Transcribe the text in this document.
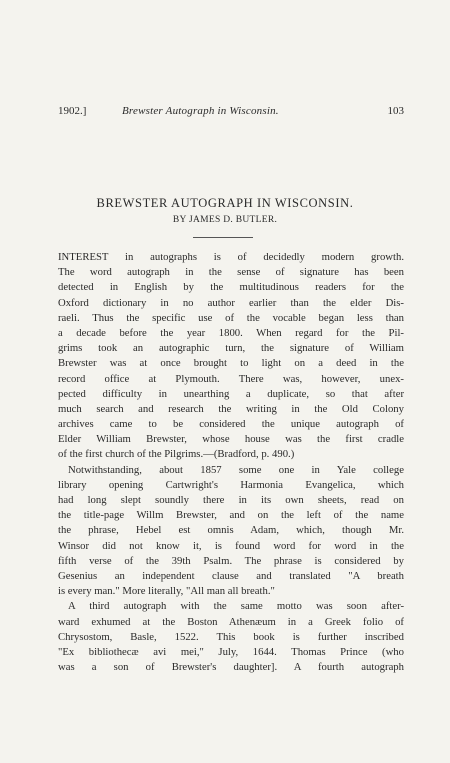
1902.]	Brewster Autograph in Wisconsin.	103
BREWSTER AUTOGRAPH IN WISCONSIN.
BY JAMES D. BUTLER.
INTEREST in autographs is of decidedly modern growth.
The word autograph in the sense of signature has been
detected in English by the multitudinous readers for the
Oxford dictionary in no author earlier than the elder Dis-
raeli. Thus the specific use of the vocable began less than
a decade before the year 1800. When regard for the Pil-
grims took an autographic turn, the signature of William
Brewster was at once brought to light on a deed in the
record office at Plymouth. There was, however, unex-
pected difficulty in unearthing a duplicate, so that after
much search and research the writing in the Old Colony
archives came to be considered the unique autograph of
Elder William Brewster, whose house was the first cradle
of the first church of the Pilgrims.—(Bradford, p. 490.)
Notwithstanding, about 1857 some one in Yale college
library opening Cartwright's Harmonia Evangelica, which
had long slept soundly there in its own sheets, read on
the title-page Willm Brewster, and on the left of the name
the phrase, Hebel est omnis Adam, which, though Mr.
Winsor did not know it, is found word for word in the
fifth verse of the 39th Psalm. The phrase is considered by
Gesenius an independent clause and translated "A breath
is every man." More literally, "All man all breath."
A third autograph with the same motto was soon after-
ward exhumed at the Boston Athenæum in a Greek folio of
Chrysostom, Basle, 1522. This book is further inscribed
"Ex bibliothecæ avi mei," July, 1644. Thomas Prince (who
was a son of Brewster's daughter]. A fourth autograph
